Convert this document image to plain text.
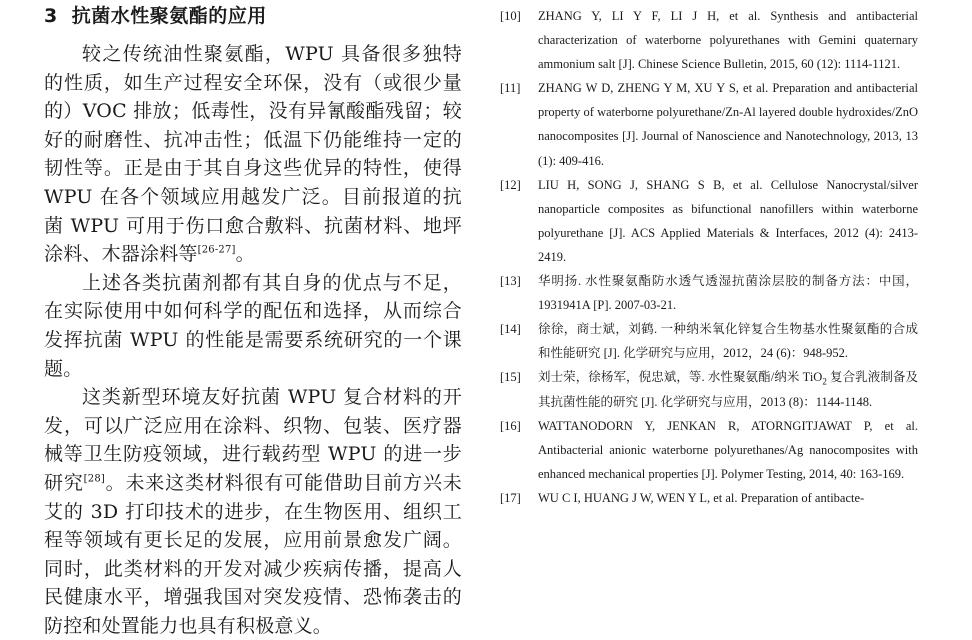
3 抗菌水性聚氨酯的应用

较之传统油性聚氨酯，WPU 具备很多独特的性质，如生产过程安全环保，没有（或很少量的）VOC 排放；低毒性，没有异氰酸酯残留；较好的耐磨性、抗冲击性；低温下仍能维持一定的韧性等。正是由于其自身这些优异的特性，使得 WPU 在各个领域应用越发广泛。目前报道的抗菌 WPU 可用于伤口愈合敷料、抗菌材料、地坪涂料、木器涂料等[26-27]。

上述各类抗菌剂都有其自身的优点与不足，在实际使用中如何科学的配伍和选择，从而综合发挥抗菌 WPU 的性能是需要系统研究的一个课题。

这类新型环境友好抗菌 WPU 复合材料的开发，可以广泛应用在涂料、织物、包装、医疗器械等卫生防疫领域，进行载药型 WPU 的进一步研究[28]。未来这类材料很有可能借助目前方兴未艾的 3D 打印技术的进步，在生物医用、组织工程等领域有更长足的发展，应用前景愈发广阔。同时，此类材料的开发对减少疾病传播，提高人民健康水平，增强我国对突发疫情、恐怖袭击的防控和处置能力也具有积极意义。

[10]	ZHANG Y, LI Y F, LI J H, et al. Synthesis and antibacterial characterization of waterborne polyurethanes with Gemini quaternary ammonium salt [J]. Chinese Science Bulletin, 2015, 60 (12): 1114-1121.
[11]	ZHANG W D, ZHENG Y M, XU Y S, et al. Preparation and antibacterial property of waterborne polyurethane/Zn-Al layered double hydroxides/ZnO nanocomposites [J]. Journal of Nanoscience and Nanotechnology, 2013, 13 (1): 409-416.
[12]	LIU H, SONG J, SHANG S B, et al. Cellulose Nanocrystal/silver nanoparticle composites as bifunctional nanofillers within waterborne polyurethane [J]. ACS Applied Materials & Interfaces, 2012 (4): 2413-2419.
[13]	华明扬. 水性聚氨酯防水透气透湿抗菌涂层胶的制备方法：中国，1931941A [P]. 2007-03-21.
[14]	徐徐，商士斌，刘鹤. 一种纳米氧化锌复合生物基水性聚氨酯的合成和性能研究 [J]. 化学研究与应用，2012，24 (6)：948-952.
[15]	刘士荣，徐杨军，倪忠斌，等. 水性聚氨酯/纳米 TiO$_2$ 复合乳液制备及其抗菌性能的研究 [J]. 化学研究与应用，2013 (8)：1144-1148.
[16]	WATTANODORN Y, JENKAN R, ATORNGITJAWAT P, et al. Antibacterial anionic waterborne polyurethanes/Ag nanocomposites with enhanced mechanical properties [J]. Polymer Testing, 2014, 40: 163-169.
[17]	WU C I, HUANG J W, WEN Y L, et al. Preparation of antibacte-
